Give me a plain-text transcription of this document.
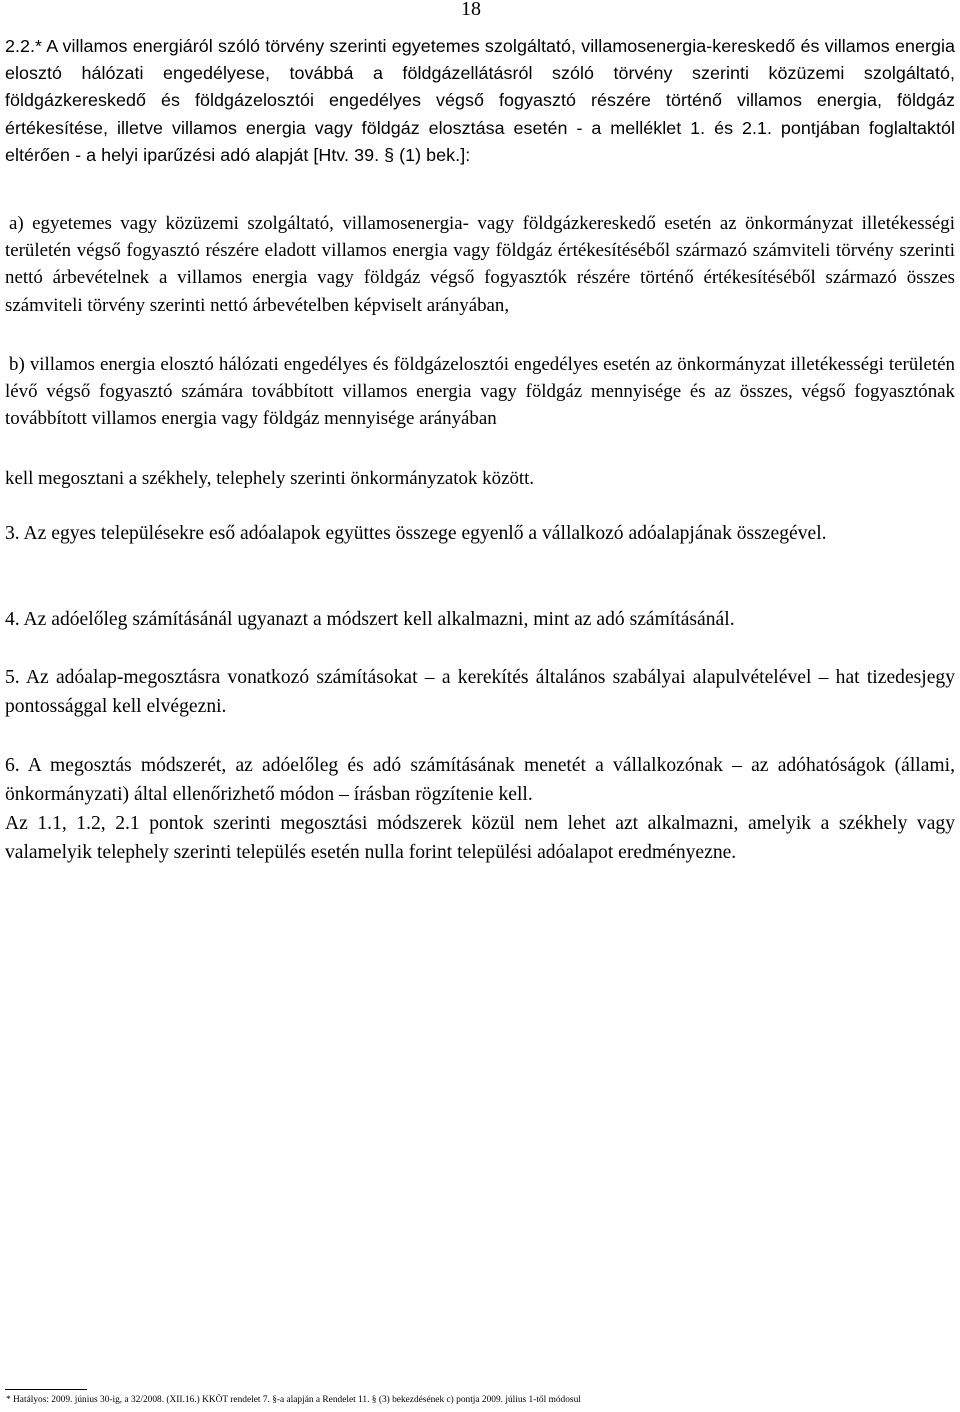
18

2.2.* A villamos energiáról szóló törvény szerinti egyetemes szolgáltató, villamosenergia-kereskedő és villamos energia elosztó hálózati engedélyese, továbbá a földgázellátásról szóló törvény szerinti közüzemi szolgáltató, földgázkereskedő és földgázelosztói engedélyes végső fogyasztó részére történő villamos energia, földgáz értékesítése, illetve villamos energia vagy földgáz elosztása esetén - a melléklet 1. és 2.1. pontjában foglaltaktól eltérően - a helyi iparűzési adó alapját [Htv. 39. § (1) bek.]:

a) egyetemes vagy közüzemi szolgáltató, villamosenergia- vagy földgázkereskedő esetén az önkormányzat illetékességi területén végső fogyasztó részére eladott villamos energia vagy földgáz értékesítéséből származó számviteli törvény szerinti nettó árbevételnek a villamos energia vagy földgáz végső fogyasztók részére történő értékesítéséből származó összes számviteli törvény szerinti nettó árbevételben képviselt arányában,

b) villamos energia elosztó hálózati engedélyes és földgázelosztói engedélyes esetén az önkormányzat illetékességi területén lévő végső fogyasztó számára továbbított villamos energia vagy földgáz mennyisége és az összes, végső fogyasztónak továbbított villamos energia vagy földgáz mennyisége arányában

kell megosztani a székhely, telephely szerinti önkormányzatok között.

3. Az egyes településekre eső adóalapok együttes összege egyenlő a vállalkozó adóalapjának összegével.

4. Az adóelőleg számításánál ugyanazt a módszert kell alkalmazni, mint az adó számításánál.

5. Az adóalap-megosztásra vonatkozó számításokat – a kerekítés általános szabályai alapulvételével – hat tizedesjegy pontossággal kell elvégezni.

6. A megosztás módszerét, az adóelőleg és adó számításának menetét a vállalkozónak – az adóhatóságok (állami, önkormányzati) által ellenőrizhető módon – írásban rögzítenie kell.

Az 1.1, 1.2, 2.1 pontok szerinti megosztási módszerek közül nem lehet azt alkalmazni, amelyik a székhely vagy valamelyik telephely szerinti település esetén nulla forint települési adóalapot eredményezne.

* Hatályos: 2009. június 30-ig, a 32/2008. (XII.16.) KKÖT rendelet 7. §-a alapján a Rendelet 11. § (3) bekezdésének c) pontja 2009. július 1-től módosul
